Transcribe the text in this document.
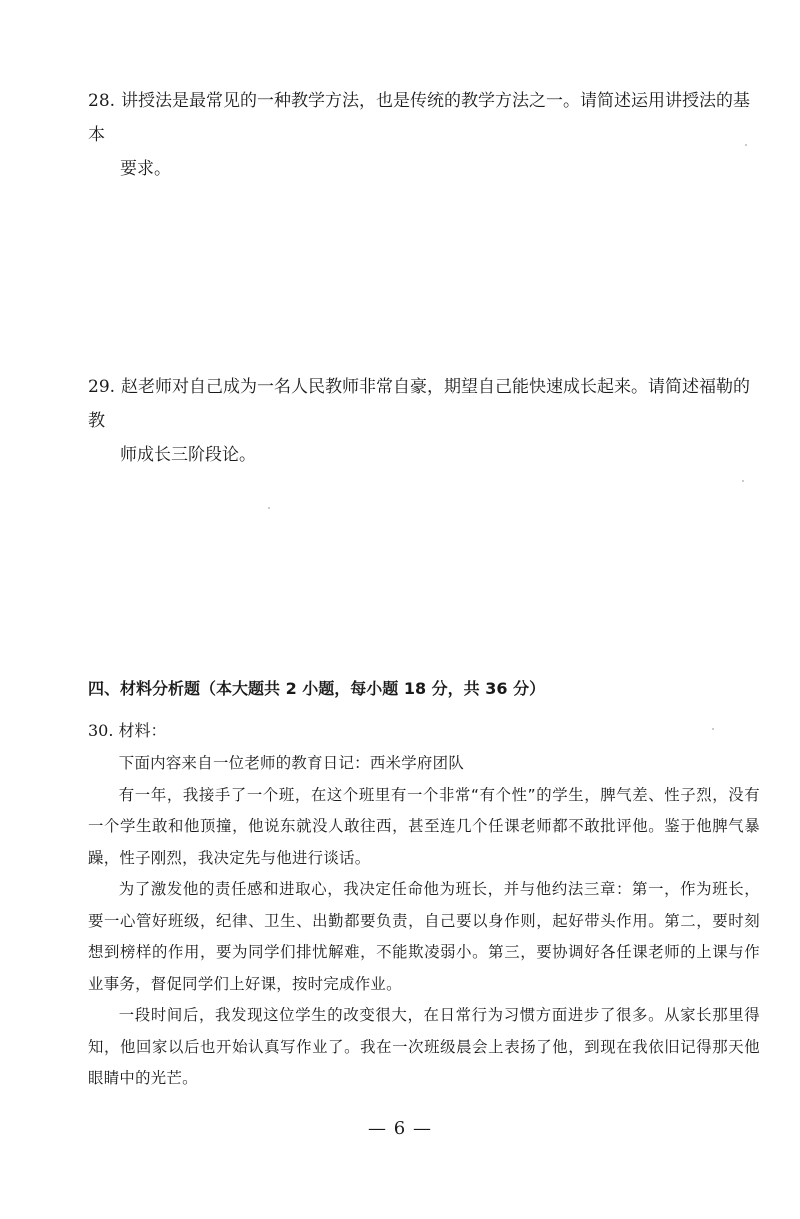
28. 讲授法是最常见的一种教学方法，也是传统的教学方法之一。请简述运用讲授法的基本
要求。
29. 赵老师对自己成为一名人民教师非常自豪，期望自己能快速成长起来。请简述福勒的教
师成长三阶段论。
四、材料分析题（本大题共 2 小题，每小题 18 分，共 36 分）
30. 材料：

下面内容来自一位老师的教育日记：西米学府团队

有一年，我接手了一个班，在这个班里有一个非常“有个性”的学生，脾气差、性子烈，没有一个学生敢和他顶撞，他说东就没人敢往西，甚至连几个任课老师都不敢批评他。鉴于他脾气暴躁，性子刚烈，我决定先与他进行谈话。

为了激发他的责任感和进取心，我决定任命他为班长，并与他约法三章：第一，作为班长，要一心管好班级，纪律、卫生、出勤都要负责，自己要以身作则，起好带头作用。第二，要时刻想到榜样的作用，要为同学们排忧解难，不能欺凌弱小。第三，要协调好各任课老师的上课与作业事务，督促同学们上好课，按时完成作业。

一段时间后，我发现这位学生的改变很大，在日常行为习惯方面进步了很多。从家长那里得知，他回家以后也开始认真写作业了。我在一次班级晨会上表扬了他，到现在我依旧记得那天他眼睛中的光芒。

— 6 —
